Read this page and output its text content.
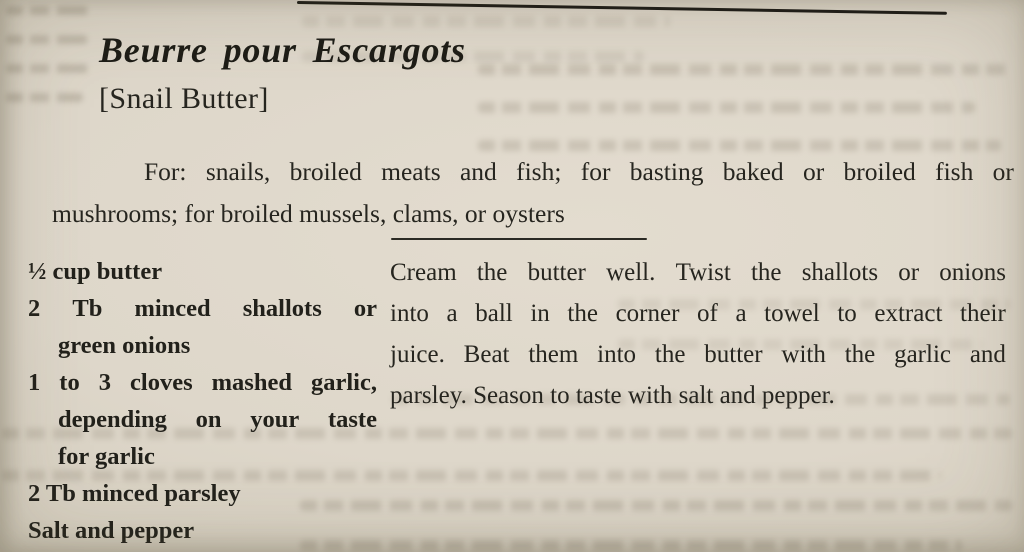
Beurre pour Escargots
[Snail Butter]
For: snails, broiled meats and fish; for basting baked or broiled fish or
mushrooms; for broiled mussels, clams, or oysters
½ cup butter
2 Tb minced shallots or
green onions
1 to 3 cloves mashed garlic,
depending on your taste
for garlic
2 Tb minced parsley
Salt and pepper
Cream the butter well. Twist the shallots or onions
into a ball in the corner of a towel to extract their
juice. Beat them into the butter with the garlic and
parsley. Season to taste with salt and pepper.
